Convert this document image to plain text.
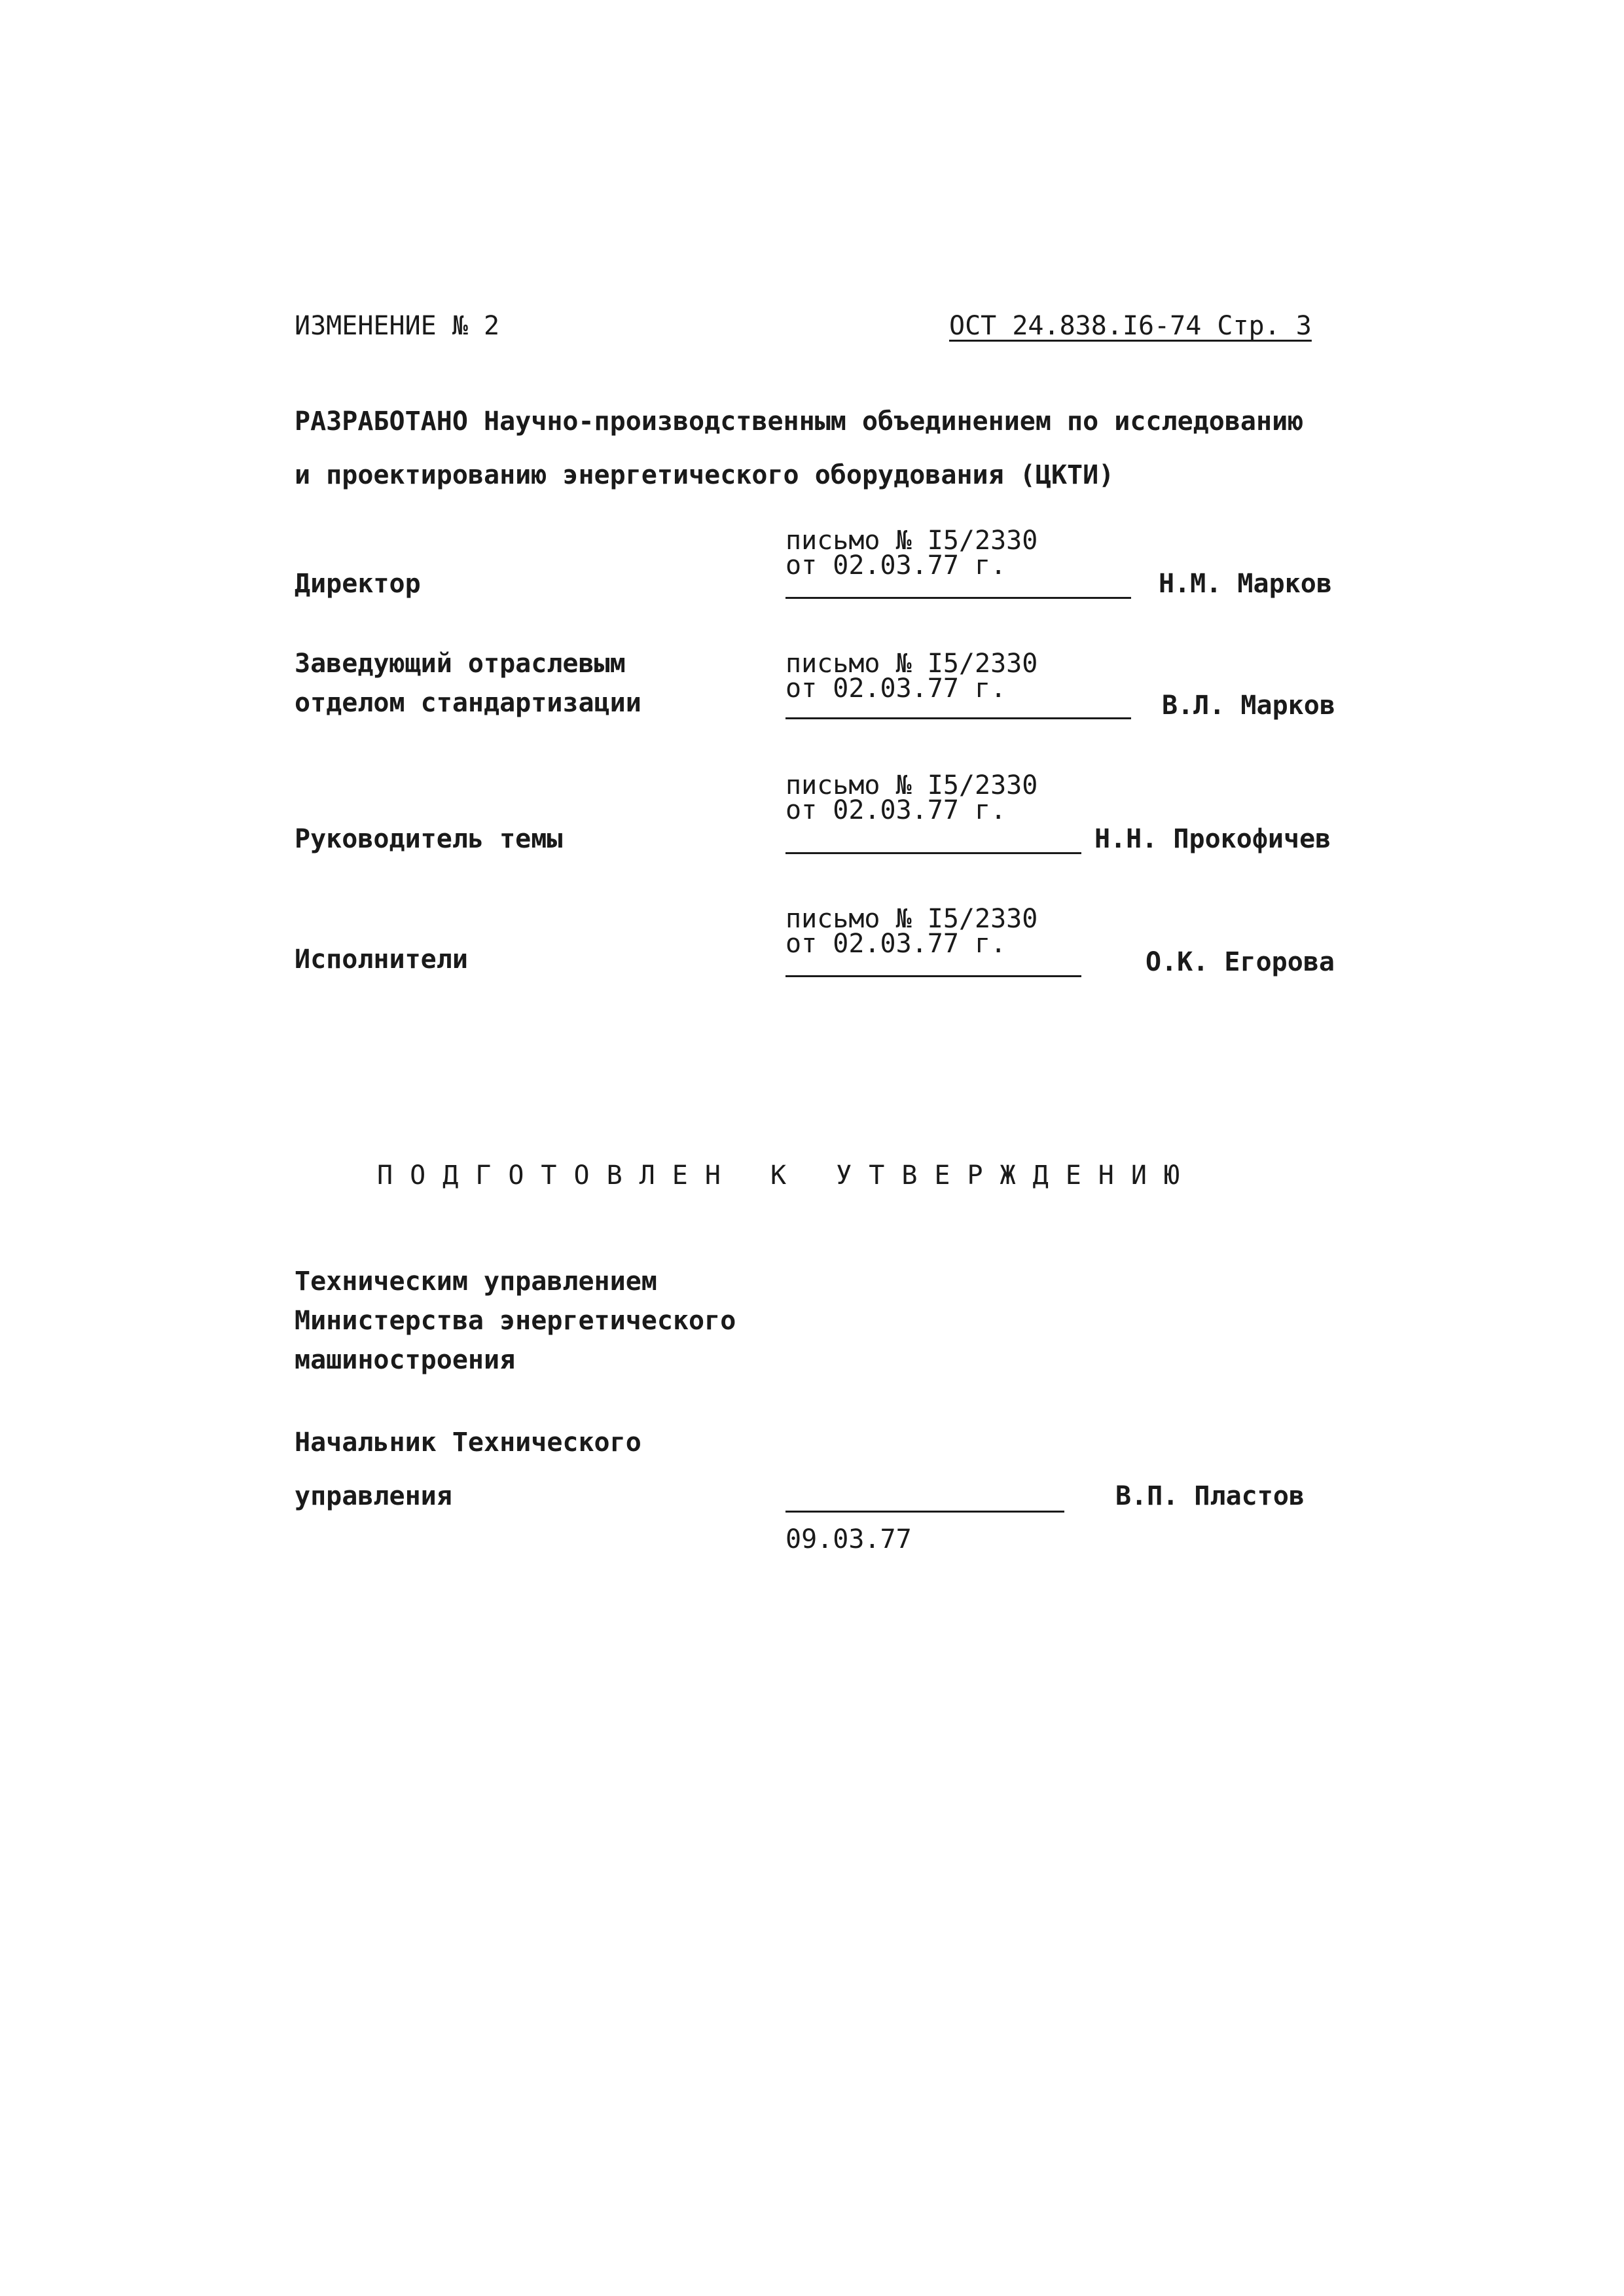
ИЗМЕНЕНИЕ № 2	ОСТ 24.838.I6-74 Стр. 3
РАЗРАБОТАНО Научно-производственным объединением по исследованию
и проектированию энергетического оборудования (ЦКТИ)
Директор
письмо № I5/2330
от 02.03.77 г.
Н.М. Марков
Заведующий отраслевым
отделом стандартизации
письмо № I5/2330
от 02.03.77 г.
В.Л. Марков
Руководитель темы
письмо № I5/2330
от 02.03.77 г.
Н.Н. Прокофичев
Исполнители
письмо № I5/2330
от 02.03.77 г.
О.К. Егорова
ПОДГОТОВЛЕН К УТВЕРЖДЕНИЮ
Техническим управлением
Министерства энергетического
машиностроения
Начальник Технического
управления	В.П. Пластов
09.03.77
